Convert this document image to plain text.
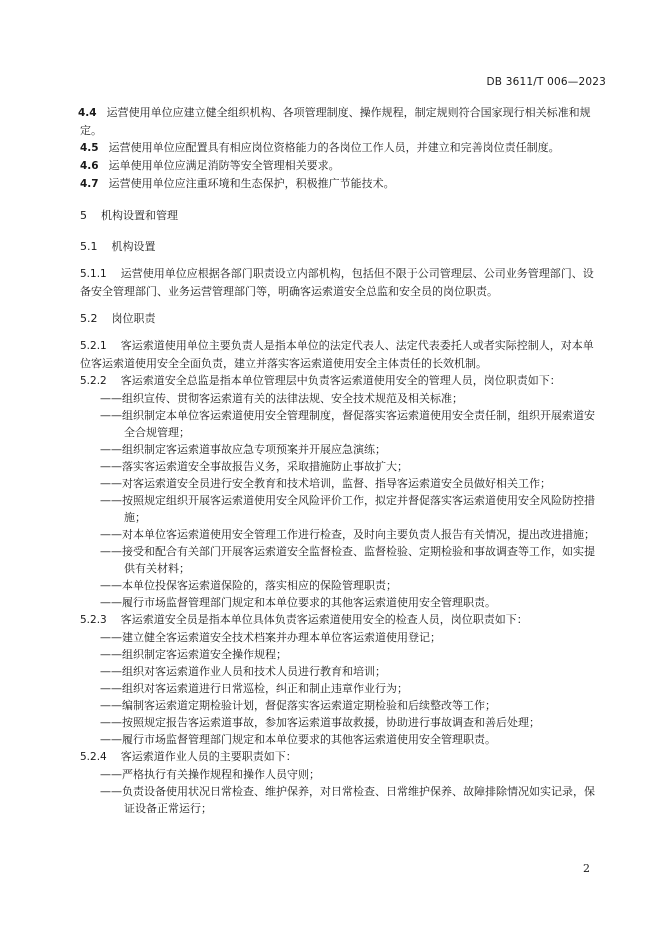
DB 3611/T 006—2023

4.4 运营使用单位应建立健全组织机构、各项管理制度、操作规程，制定规则符合国家现行相关标准和规定。

4.5 运营使用单位应配置具有相应岗位资格能力的各岗位工作人员，并建立和完善岗位责任制度。

4.6 运单使用单位应满足消防等安全管理相关要求。

4.7 运营使用单位应注重环境和生态保护，积极推广节能技术。

5 机构设置和管理

5.1 机构设置

5.1.1 运营使用单位应根据各部门职责设立内部机构，包括但不限于公司管理层、公司业务管理部门、设备安全管理部门、业务运营管理部门等，明确客运索道安全总监和安全员的岗位职责。

5.2 岗位职责

5.2.1 客运索道使用单位主要负责人是指本单位的法定代表人、法定代表委托人或者实际控制人，对本单位客运索道使用安全全面负责，建立并落实客运索道使用安全主体责任的长效机制。

5.2.2 客运索道安全总监是指本单位管理层中负责客运索道使用安全的管理人员，岗位职责如下：

——组织宣传、贯彻客运索道有关的法律法规、安全技术规范及相关标准；

——组织制定本单位客运索道使用安全管理制度，督促落实客运索道使用安全责任制，组织开展索道安全合规管理；

——组织制定客运索道事故应急专项预案并开展应急演练；

——落实客运索道安全事故报告义务，采取措施防止事故扩大；

——对客运索道安全员进行安全教育和技术培训，监督、指导客运索道安全员做好相关工作；

——按照规定组织开展客运索道使用安全风险评价工作，拟定并督促落实客运索道使用安全风险防控措施；

——对本单位客运索道使用安全管理工作进行检查，及时向主要负责人报告有关情况，提出改进措施；

——接受和配合有关部门开展客运索道安全监督检查、监督检验、定期检验和事故调查等工作，如实提供有关材料；

——本单位投保客运索道保险的，落实相应的保险管理职责；

——履行市场监督管理部门规定和本单位要求的其他客运索道使用安全管理职责。

5.2.3 客运索道安全员是指本单位具体负责客运索道使用安全的检查人员，岗位职责如下：

——建立健全客运索道安全技术档案并办理本单位客运索道使用登记；

——组织制定客运索道安全操作规程；

——组织对客运索道作业人员和技术人员进行教育和培训；

——组织对客运索道进行日常巡检，纠正和制止违章作业行为；

——编制客运索道定期检验计划，督促落实客运索道定期检验和后续整改等工作；

——按照规定报告客运索道事故，参加客运索道事故救援，协助进行事故调查和善后处理；

——履行市场监督管理部门规定和本单位要求的其他客运索道使用安全管理职责。

5.2.4 客运索道作业人员的主要职责如下：

——严格执行有关操作规程和操作人员守则；

——负责设备使用状况日常检查、维护保养，对日常检查、日常维护保养、故障排除情况如实记录，保证设备正常运行；

2
